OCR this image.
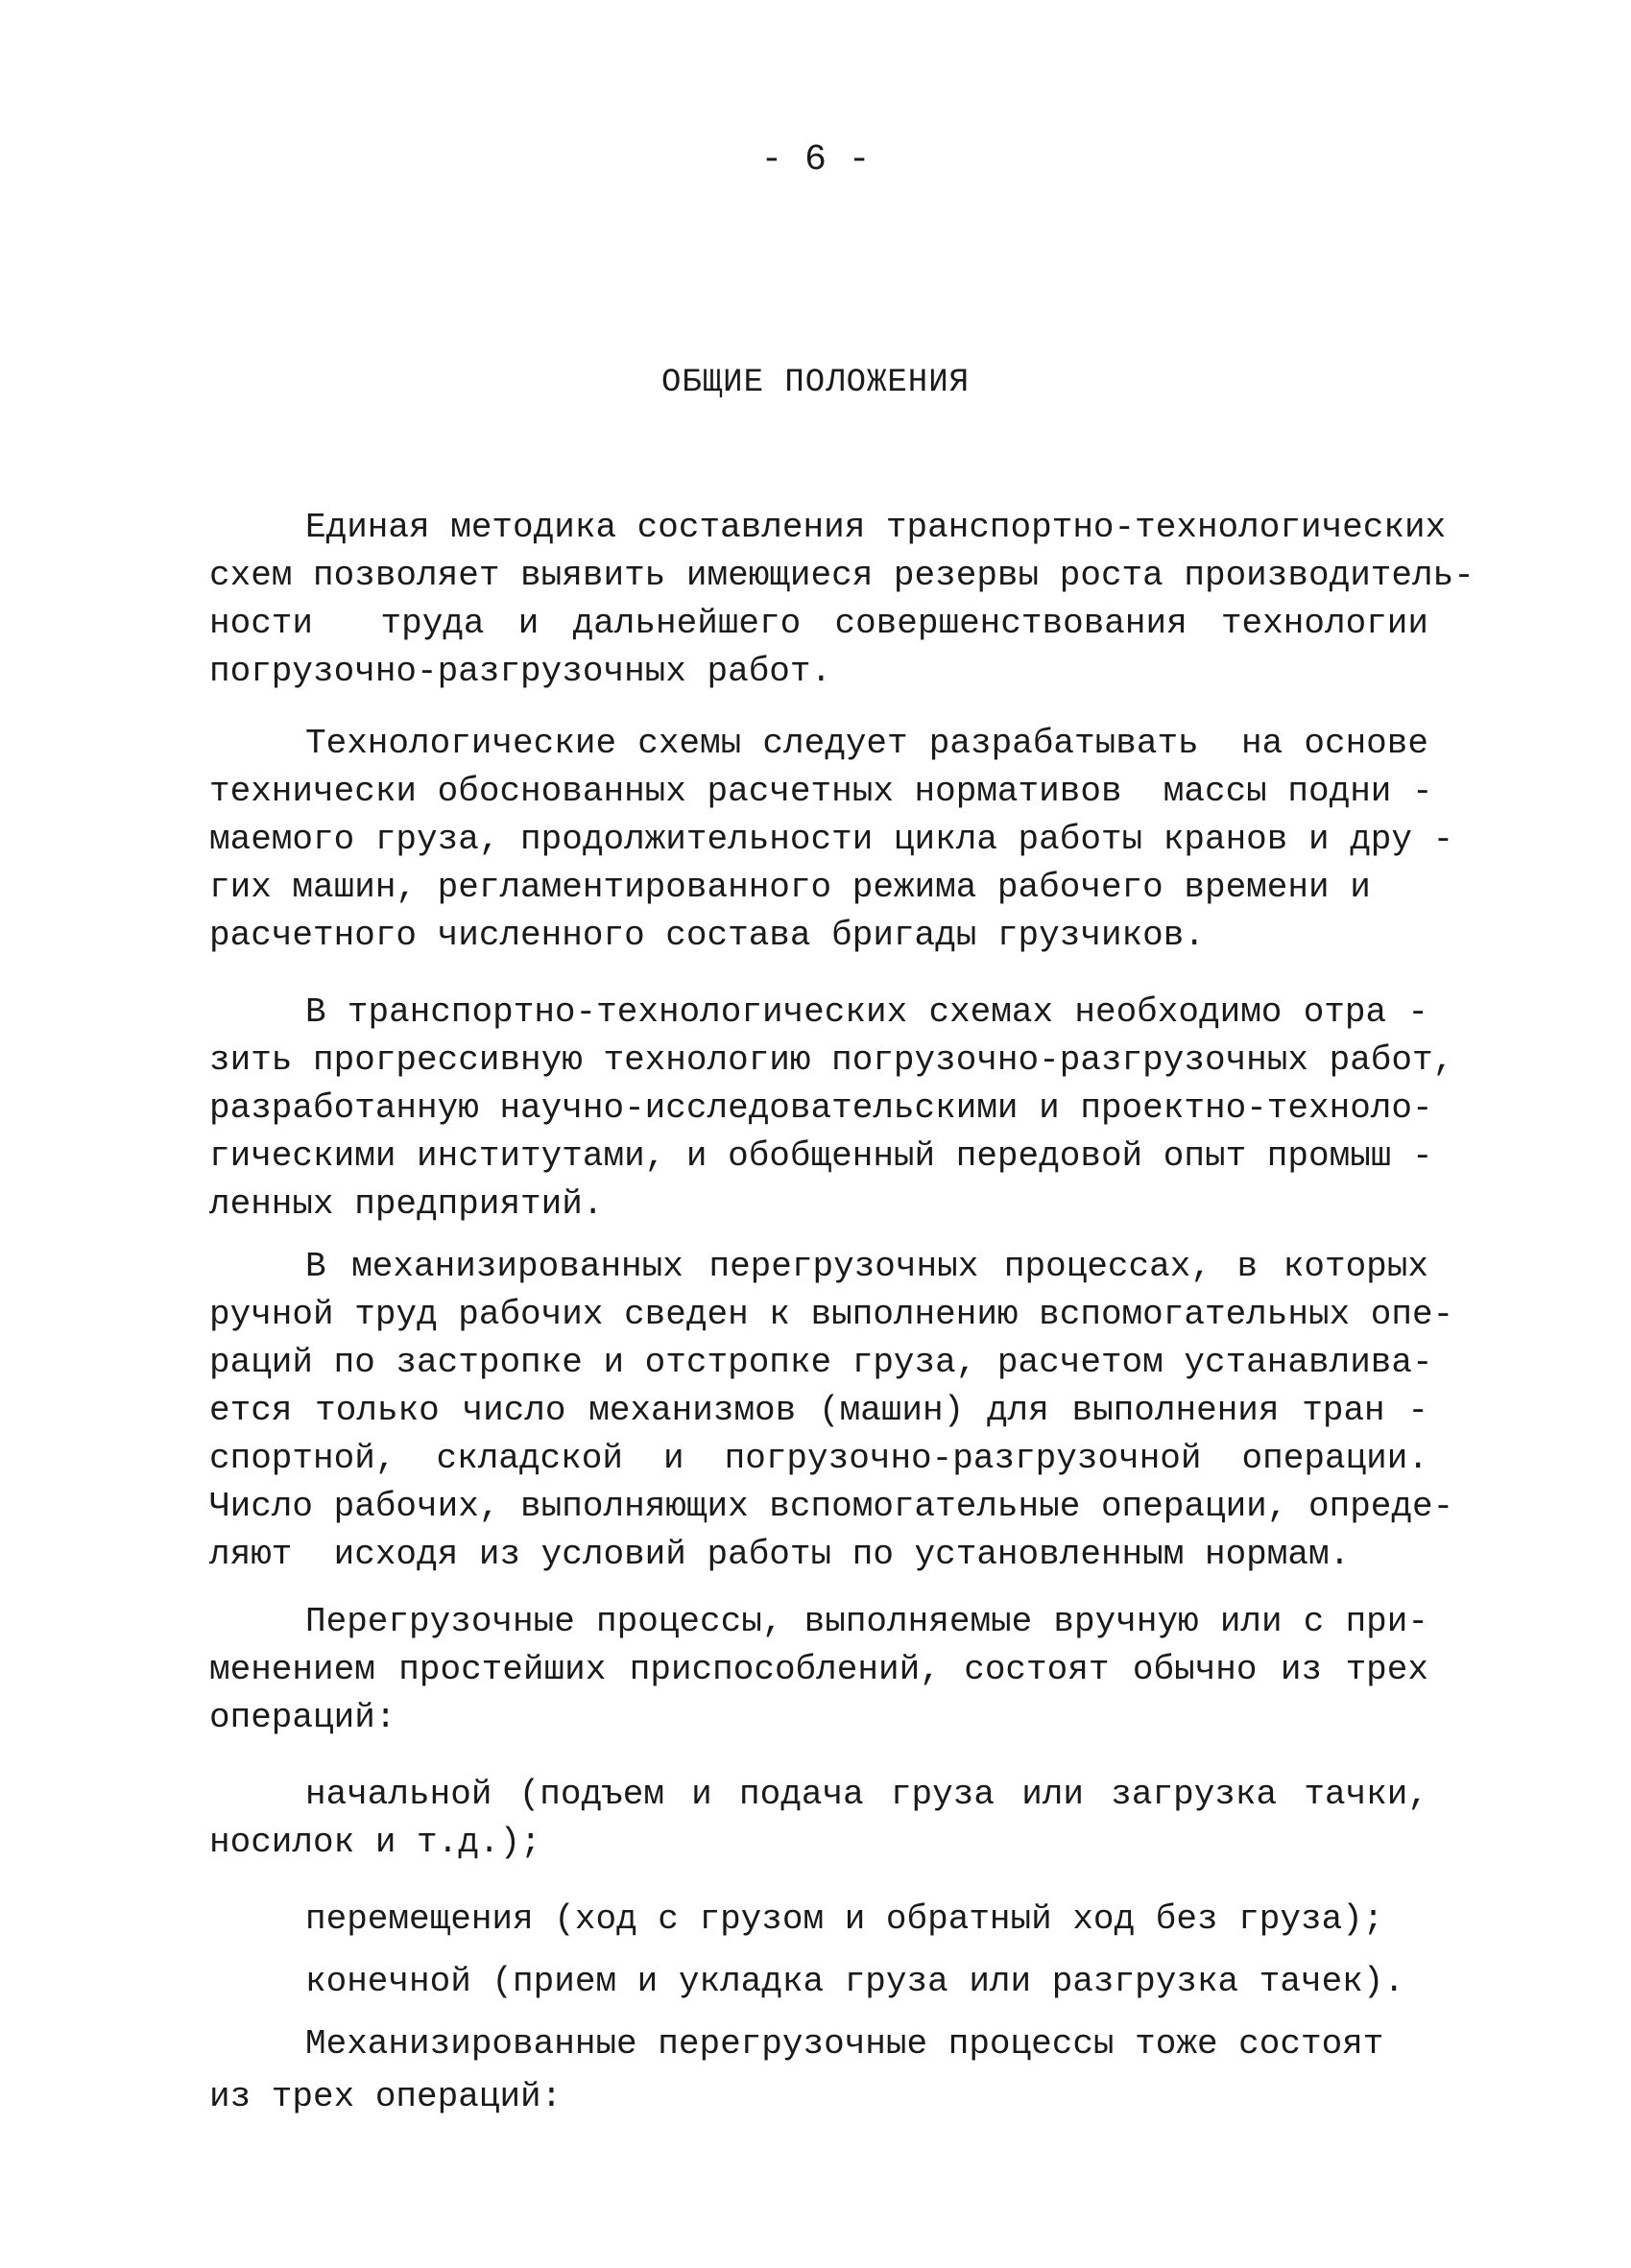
- 6 -
ОБЩИЕ ПОЛОЖЕНИЯ
Единая методика составления транспортно-технологических
схем позволяет выявить имеющиеся резервы роста производитель-
ности  труда и дальнейшего совершенствования технологии
погрузочно-разгрузочных работ.
Технологические схемы следует разрабатывать  на основе
технически обоснованных расчетных нормативов  массы подни -
маемого груза, продолжительности цикла работы кранов и дру -
гих машин, регламентированного режима рабочего времени и
расчетного численного состава бригады грузчиков.
В транспортно-технологических схемах необходимо отра -
зить прогрессивную технологию погрузочно-разгрузочных работ,
разработанную научно-исследовательскими и проектно-техноло-
гическими институтами, и обобщенный передовой опыт промыш -
ленных предприятий.
В механизированных перегрузочных процессах, в которых
ручной труд рабочих сведен к выполнению вспомогательных опе-
раций по застропке и отстропке груза, расчетом устанавлива-
ется только число механизмов (машин) для выполнения тран -
спортной, складской и погрузочно-разгрузочной операции.
Число рабочих, выполняющих вспомогательные операции, опреде-
ляют  исходя из условий работы по установленным нормам.
Перегрузочные процессы, выполняемые вручную или с при-
менением простейших приспособлений, состоят обычно из трех
операций:
начальной (подъем и подача груза или загрузка тачки,
носилок и т.д.);
перемещения (ход с грузом и обратный ход без груза);
конечной (прием и укладка груза или разгрузка тачек).
Механизированные перегрузочные процессы тоже состоят
из трех операций:
